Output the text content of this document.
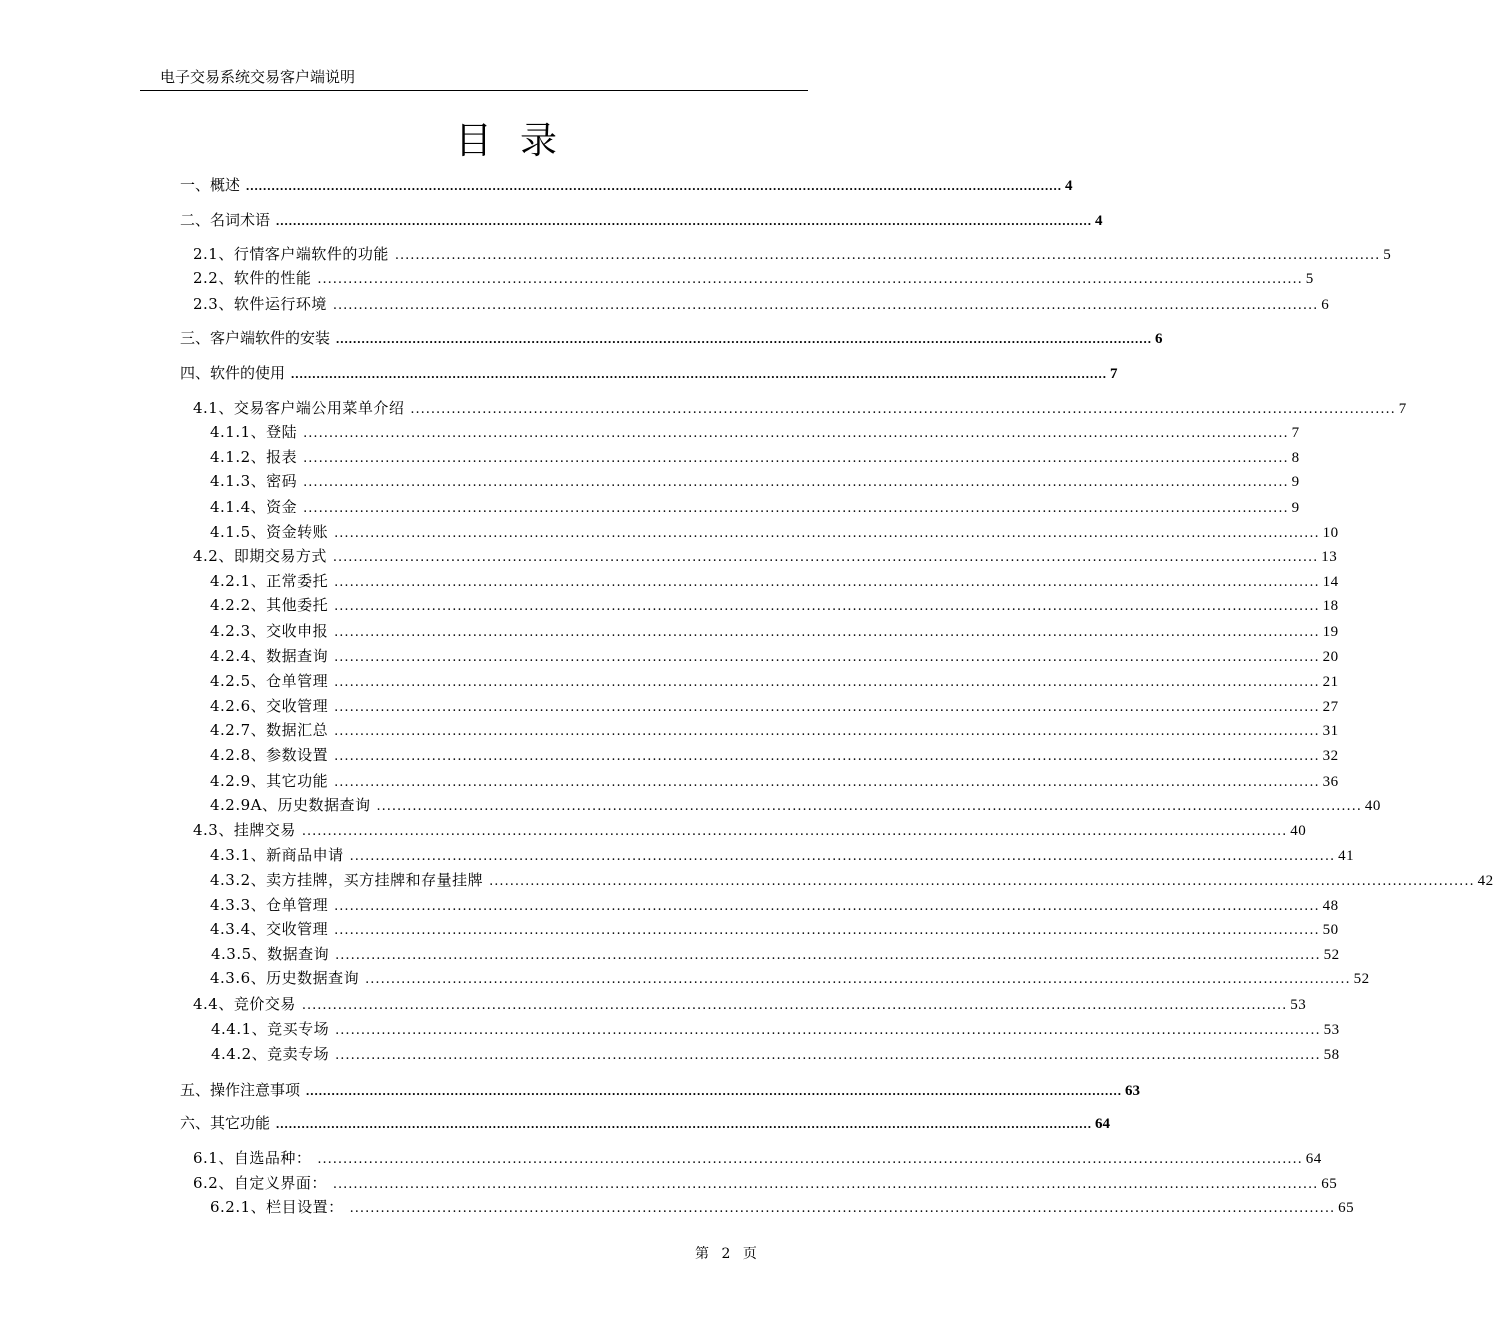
电子交易系统交易客户端说明
目录
一、 概述 ................................................................................................................................................................................................ 4
二、 名词术语 ................................................................................................................................................................................................ 4
2.1、行情客户端软件的功能 ................................................................................................................................................................................................ 5
2.2、软件的性能 ................................................................................................................................................................................................ 5
2.3、软件运行环境 ................................................................................................................................................................................................ 6
三、 客户端软件的安装 ................................................................................................................................................................................................ 6
四、 软件的使用 ................................................................................................................................................................................................ 7
4.1、交易客户端公用菜单介绍 ................................................................................................................................................................................................ 7
4.1.1、登陆 ................................................................................................................................................................................................ 7
4.1.2、报表 ................................................................................................................................................................................................ 8
4.1.3、密码 ................................................................................................................................................................................................ 9
4.1.4、资金 ................................................................................................................................................................................................ 9
4.1.5、资金转账 ................................................................................................................................................................................................ 10
4.2、即期交易方式 ................................................................................................................................................................................................ 13
4.2.1、正常委托 ................................................................................................................................................................................................ 14
4.2.2、其他委托 ................................................................................................................................................................................................ 18
4.2.3、交收申报 ................................................................................................................................................................................................ 19
4.2.4、数据查询 ................................................................................................................................................................................................ 20
4.2.5、仓单管理 ................................................................................................................................................................................................ 21
4.2.6、交收管理 ................................................................................................................................................................................................ 27
4.2.7、数据汇总 ................................................................................................................................................................................................ 31
4.2.8、参数设置 ................................................................................................................................................................................................ 32
4.2.9、其它功能 ................................................................................................................................................................................................ 36
4.2.9A、历史数据查询 ................................................................................................................................................................................................ 40
4.3、挂牌交易 ................................................................................................................................................................................................ 40
4.3.1、新商品申请 ................................................................................................................................................................................................ 41
4.3.2、卖方挂牌，买方挂牌和存量挂牌 ................................................................................................................................................................................................ 42
4.3.3、仓单管理 ................................................................................................................................................................................................ 48
4.3.4、交收管理 ................................................................................................................................................................................................ 50
4.3.5、数据查询 ................................................................................................................................................................................................ 52
4.3.6、历史数据查询 ................................................................................................................................................................................................ 52
4.4、竞价交易 ................................................................................................................................................................................................ 53
4.4.1、竞买专场 ................................................................................................................................................................................................ 53
4.4.2、竞卖专场 ................................................................................................................................................................................................ 58
五、 操作注意事项 ................................................................................................................................................................................................ 63
六、 其它功能 ................................................................................................................................................................................................ 64
6.1、自选品种： ................................................................................................................................................................................................ 64
6.2、 自定义界面： ................................................................................................................................................................................................ 65
6.2.1、栏目设置： ................................................................................................................................................................................................ 65
第 2 页
